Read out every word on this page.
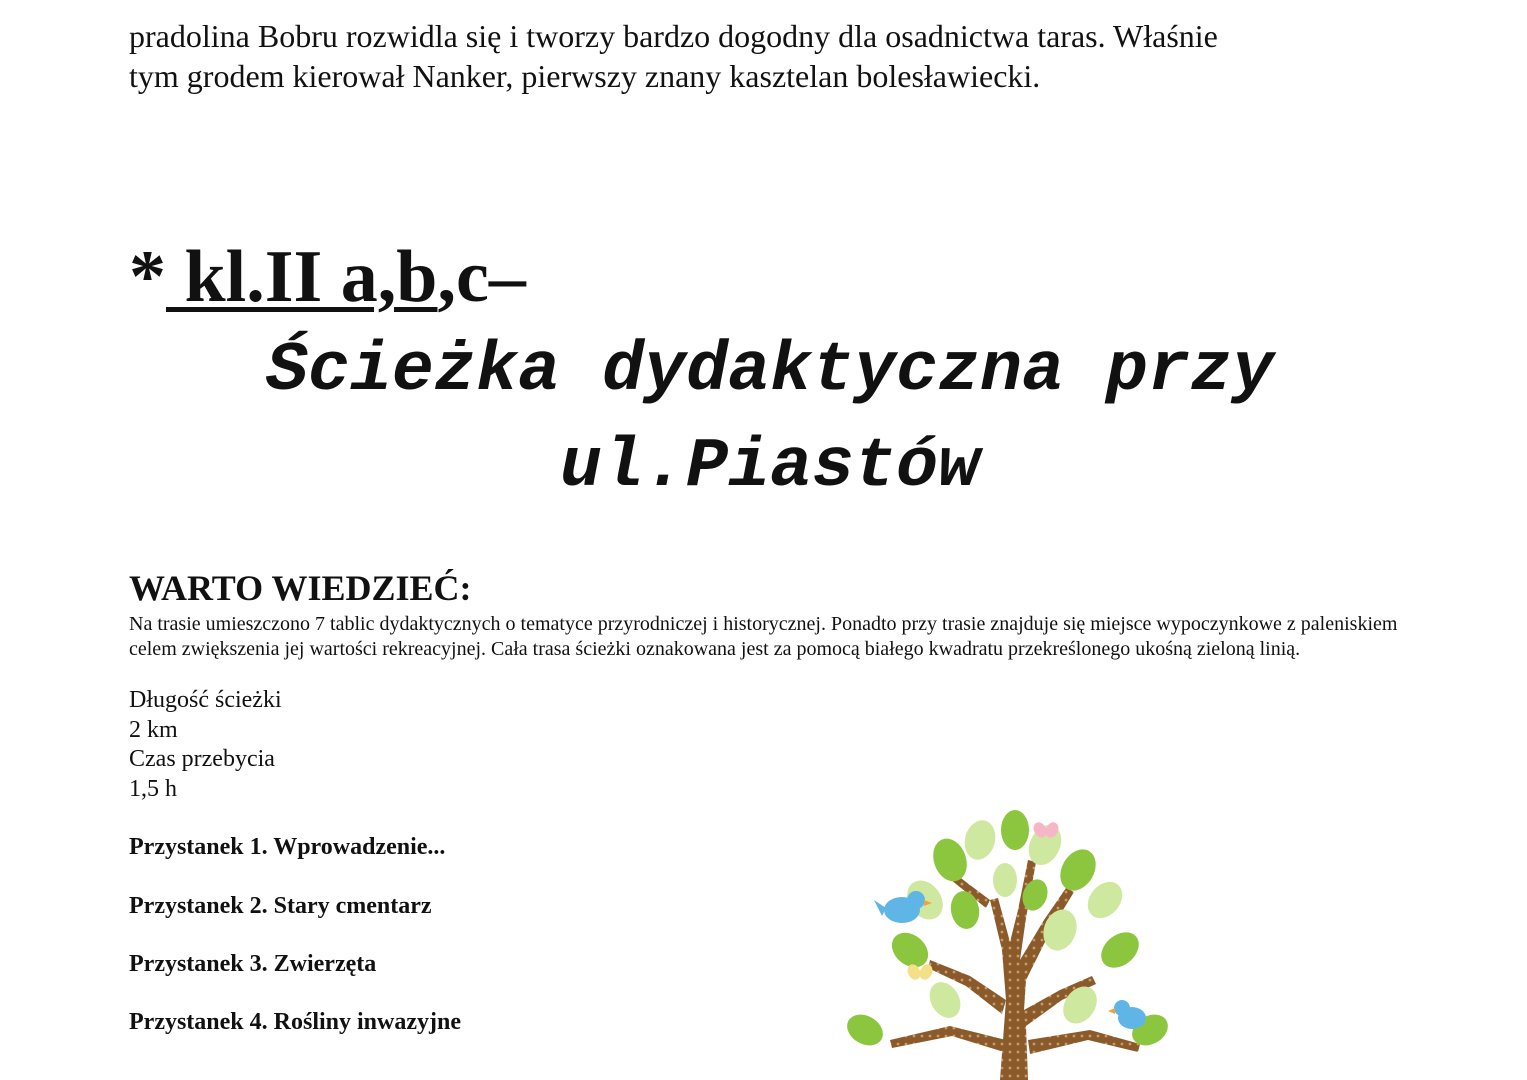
pradolina Bobru rozwidla się i tworzy bardzo dogodny dla osadnictwa taras. Właśnie
tym grodem kierował Nanker, pierwszy znany kasztelan bolesławiecki.

* kl.II a,b,c–
Ścieżka dydaktyczna przy
ul.Piastów
WARTO WIEDZIEĆ:

Na trasie umieszczono 7 tablic dydaktycznych o tematyce przyrodniczej i historycznej. Ponadto przy trasie znajduje się miejsce wypoczynkowe z paleniskiem celem zwiększenia jej wartości rekreacyjnej. Cała trasa ścieżki oznakowana jest za pomocą białego kwadratu przekreślonego ukośną zieloną linią.

Długość ścieżki
2 km
Czas przebycia
1,5 h
Przystanek 1. Wprowadzenie...
Przystanek 2. Stary cmentarz
Przystanek 3. Zwierzęta
Przystanek 4. Rośliny inwazyjne
